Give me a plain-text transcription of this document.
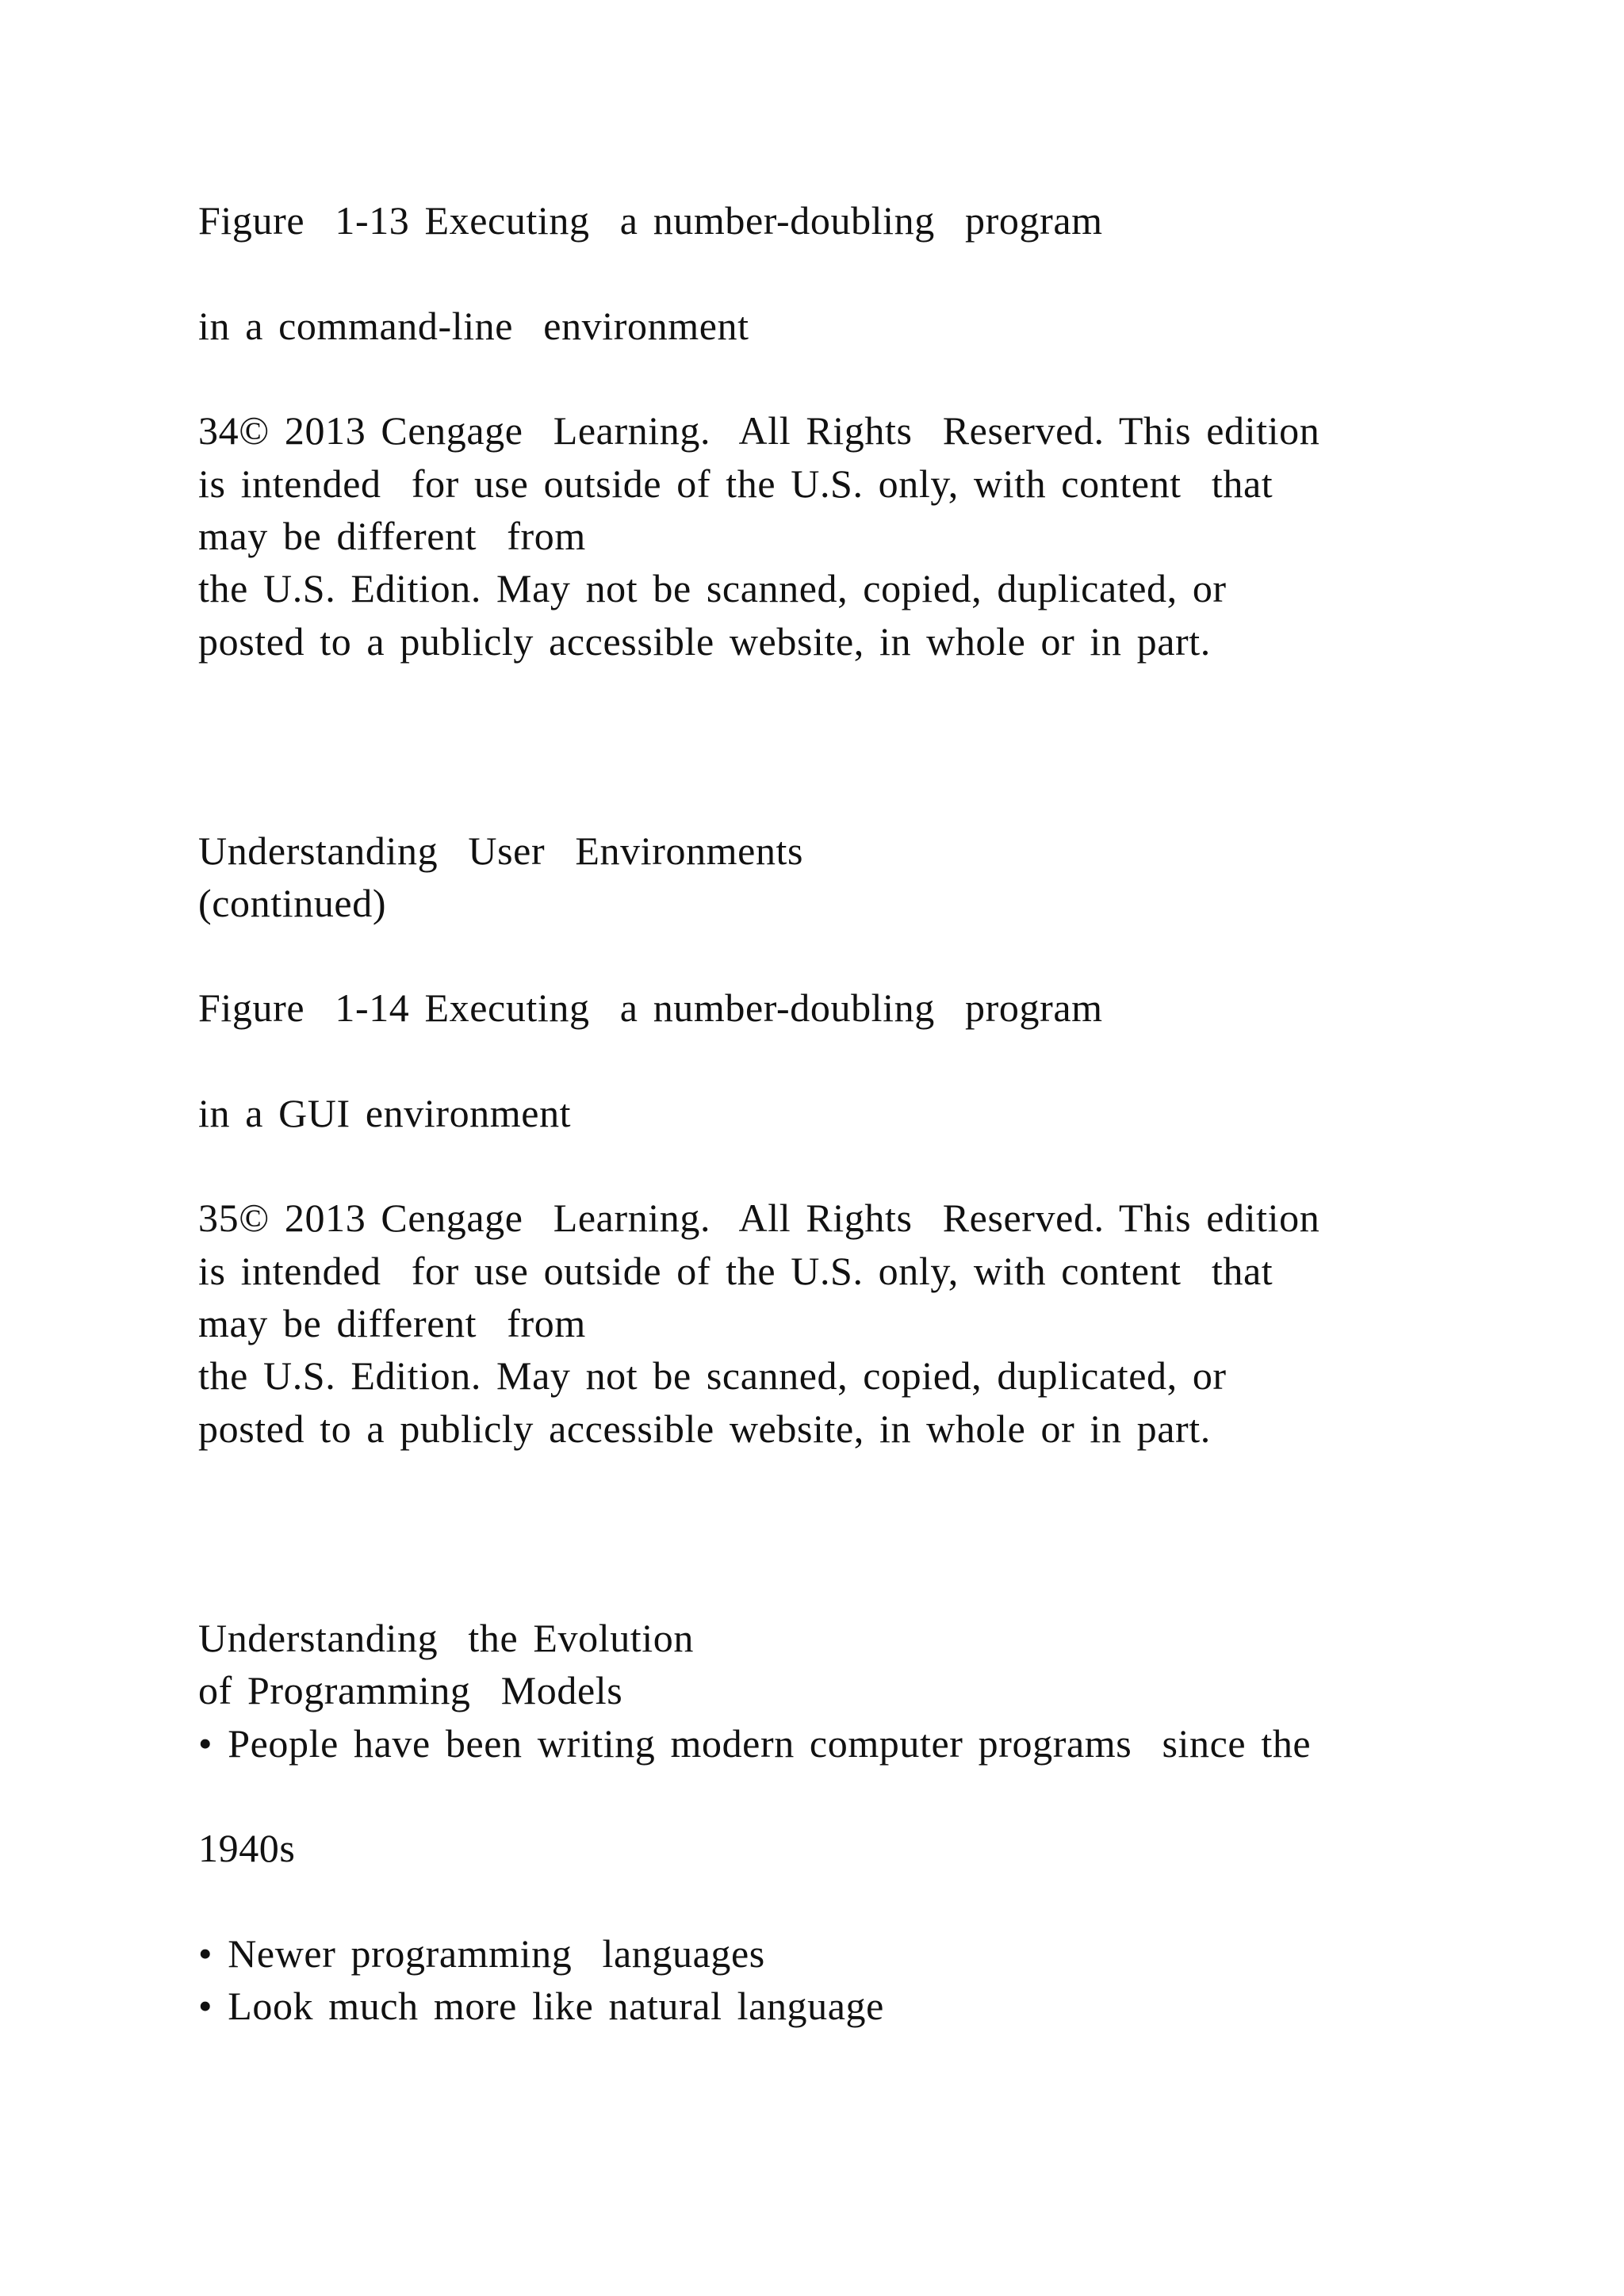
Figure  1-13 Executing  a number-doubling  program
in a command-line  environment
34© 2013 Cengage  Learning.  All Rights  Reserved. This edition
is intended  for use outside of the U.S. only, with content  that
may be different  from
the U.S. Edition. May not be scanned, copied, duplicated, or
posted to a publicly accessible website, in whole or in part.
Understanding  User  Environments
(continued)
Figure  1-14 Executing  a number-doubling  program
in a GUI environment
35© 2013 Cengage  Learning.  All Rights  Reserved. This edition
is intended  for use outside of the U.S. only, with content  that
may be different  from
the U.S. Edition. May not be scanned, copied, duplicated, or
posted to a publicly accessible website, in whole or in part.
Understanding  the Evolution
of Programming  Models
• People have been writing modern computer programs  since the
1940s
• Newer programming  languages
• Look much more like natural language
